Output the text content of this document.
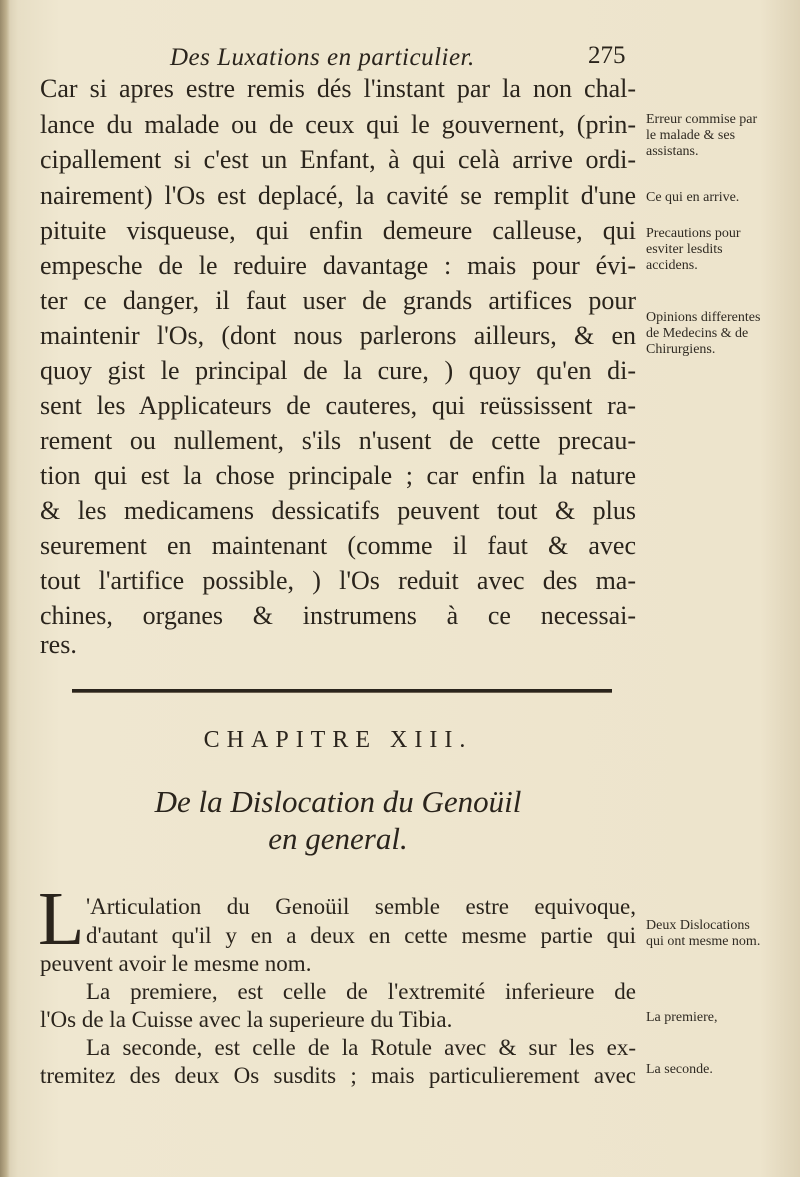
Des Luxations en particulier.	275
Car si apres estre remis dés l'instant par la non chal-
lance du malade ou de ceux qui le gouvernent, (prin-
cipallement si c'est un Enfant, à qui celà arrive ordi-
nairement) l'Os est deplacé, la cavité se remplit d'une
pituite visqueuse, qui enfin demeure calleuse, qui
empesche de le reduire davantage : mais pour évi-
ter ce danger, il faut user de grands artifices pour
maintenir l'Os, (dont nous parlerons ailleurs, & en
quoy gist le principal de la cure, ) quoy qu'en di-
sent les Applicateurs de cauteres, qui reüssissent ra-
rement ou nullement, s'ils n'usent de cette precau-
tion qui est la chose principale ; car enfin la nature
& les medicamens dessicatifs peuvent tout & plus
seurement en maintenant (comme il faut & avec
tout l'artifice possible, ) l'Os reduit avec des ma-
chines, organes & instrumens à ce necessai-
res.
Erreur commise par le malade & ses assistans.
Ce qui en arrive.
Precautions pour esviter lesdits accidens.
Opinions differentes de Medecins & de Chirurgiens.
CHAPITRE XIII.
De la Dislocation du Genoüil
en general.
L 'Articulation du Genoüil semble estre equivoque,
d'autant qu'il y en a deux en cette mesme partie qui
peuvent avoir le mesme nom.
La premiere, est celle de l'extremité inferieure de
l'Os de la Cuisse avec la superieure du Tibia.
La seconde, est celle de la Rotule avec & sur les ex-
tremitez des deux Os susdits ; mais particulierement avec
Deux Dislocations qui ont mesme nom.
La premiere,
La seconde.
